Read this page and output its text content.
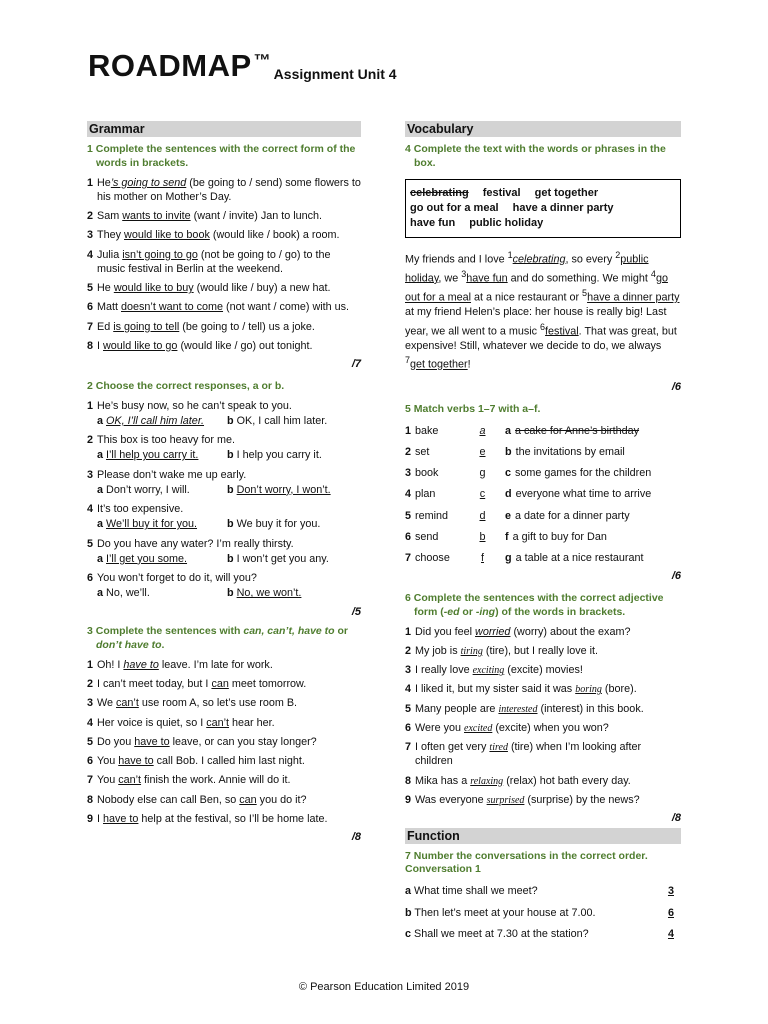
ROADMAP ™
Assignment Unit 4
Grammar
1 Complete the sentences with the correct form of the words in brackets.
1 He’s going to send (be going to / send) some flowers to his mother on Mother’s Day.
2 Sam wants to invite (want / invite) Jan to lunch.
3 They would like to book (would like / book) a room.
4 Julia isn’t going to go (not be going to / go) to the music festival in Berlin at the weekend.
5 He would like to buy (would like / buy) a new hat.
6 Matt doesn’t want to come (not want / come) with us.
7 Ed is going to tell (be going to / tell) us a joke.
8 I would like to go (would like / go) out tonight.
/7
2 Choose the correct responses, a or b.
1 He’s busy now, so he can’t speak to you.
a OK, I’ll call him later.	b OK, I call him later.
2 This box is too heavy for me.
a I’ll help you carry it.	b I help you carry it.
3 Please don’t wake me up early.
a Don’t worry, I will.	b Don’t worry, I won’t.
4 It’s too expensive.
a We’ll buy it for you.	b We buy it for you.
5 Do you have any water? I’m really thirsty.
a I’ll get you some.	b I won’t get you any.
6 You won’t forget to do it, will you?
a No, we’ll.	b No, we won’t.
/5
3 Complete the sentences with can, can’t, have to or don’t have to.
1 Oh! I have to leave. I’m late for work.
2 I can’t meet today, but I can meet tomorrow.
3 We can’t use room A, so let’s use room B.
4 Her voice is quiet, so I can’t hear her.
5 Do you have to leave, or can you stay longer?
6 You have to call Bob. I called him last night.
7 You can’t finish the work. Annie will do it.
8 Nobody else can call Ben, so can you do it?
9 I have to help at the festival, so I’ll be home late.
/8
Vocabulary
4 Complete the text with the words or phrases in the box.
celebrating festival get together
go out for a meal have a dinner partyhave fun public holiday
My friends and I love $^1$celebrating, so every $^2$public holiday, we $^3$have fun and do something. We might $^4$go out for a meal at a nice restaurant or $^5$have a dinner party at my friend Helen’s place: her house is really big! Last year, we all went to a music $^6$festival. That was great, but expensive! Still, whatever we decide to do, we always $^7$get together!
/6
5 Match verbs 1–7 with a–f.
1 bake	a	a a cake for Anne’s birthday
2 set	e	b the invitations by email
3 book	g	c some games for the children
4 plan	c	d everyone what time to arrive
5 remind	d	e a date for a dinner party
6 send	b	f a gift to buy for Dan
7 choose	f	g a table at a nice restaurant
/6
6 Complete the sentences with the correct adjective form (-ed or -ing) of the words in brackets.
1 Did you feel worried (worry) about the exam?
2 My job is tiring (tire), but I really love it.
3 I really love exciting (excite) movies!
4 I liked it, but my sister said it was boring (bore).
5 Many people are interested (interest) in this book.
6 Were you excited (excite) when you won?
7 I often get very tired (tire) when I’m looking after children
8 Mika has a relaxing (relax) hot bath every day.
9 Was everyone surprised (surprise) by the news?
/8
Function
7 Number the conversations in the correct order.
Conversation 1
a What time shall we meet?	3
b Then let’s meet at your house at 7.00.	6
c Shall we meet at 7.30 at the station?	4
© Pearson Education Limited 2019
